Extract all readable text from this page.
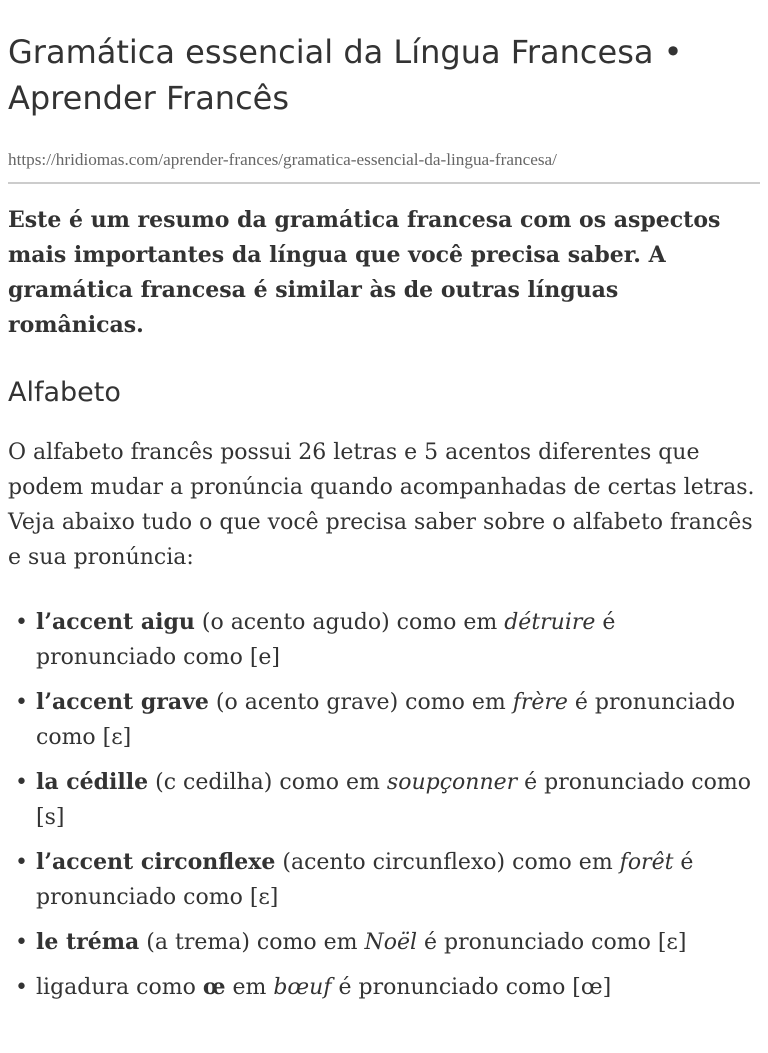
Gramática essencial da Língua Francesa • Aprender Francês
https://hridiomas.com/aprender-frances/gramatica-essencial-da-lingua-francesa/

Este é um resumo da gramática francesa com os aspectos mais importantes da língua que você precisa saber. A gramática francesa é similar às de outras línguas românicas.

Alfabeto

O alfabeto francês possui 26 letras e 5 acentos diferentes que podem mudar a pronúncia quando acompanhadas de certas letras. Veja abaixo tudo o que você precisa saber sobre o alfabeto francês e sua pronúncia:

• l’accent aigu (o acento agudo) como em détruire é pronunciado como [e]
• l’accent grave (o acento grave) como em frère é pronunciado como [ɛ]
• la cédille (c cedilha) como em soupçonner é pronunciado como [s]
• l’accent circonflexe (acento circunflexo) como em forêt é pronunciado como [ɛ]
• le tréma (a trema) como em Noël é pronunciado como [ɛ]
• ligadura como œ em bœuf é pronunciado como [œ]
